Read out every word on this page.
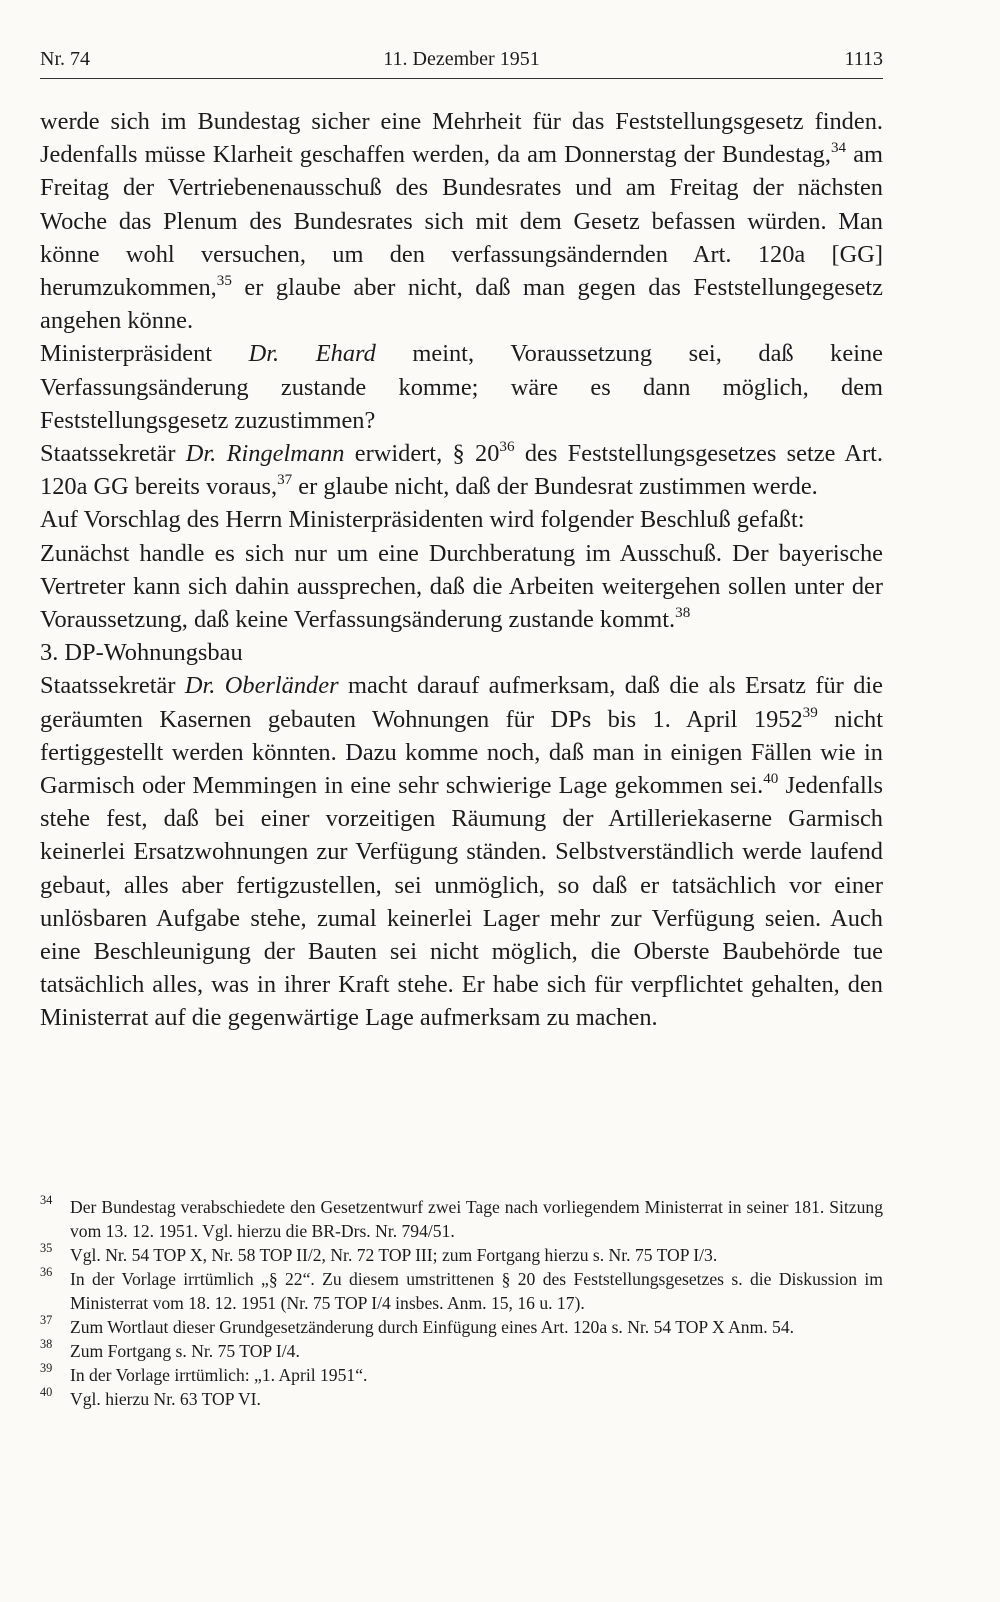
Nr. 74	11. Dezember 1951	1113

werde sich im Bundestag sicher eine Mehrheit für das Feststellungsgesetz finden. Jedenfalls müsse Klarheit geschaffen werden, da am Donnerstag der Bundestag,$^{34}$ am Freitag der Vertriebenenausschuß des Bundesrates und am Freitag der nächsten Woche das Plenum des Bundesrates sich mit dem Gesetz befassen würden. Man könne wohl versuchen, um den verfassungsändernden Art. 120a [GG] herumzukommen,$^{35}$ er glaube aber nicht, daß man gegen das Feststellungegesetz angehen könne.

Ministerpräsident Dr. Ehard meint, Voraussetzung sei, daß keine Verfassungsänderung zustande komme; wäre es dann möglich, dem Feststellungsgesetz zuzustimmen?

Staatssekretär Dr. Ringelmann erwidert, § $20^{36}$ des Feststellungsgesetzes setze Art. 120a GG bereits voraus,$^{37}$ er glaube nicht, daß der Bundesrat zustimmen werde.

Auf Vorschlag des Herrn Ministerpräsidenten wird folgender Beschluß gefaßt:

Zunächst handle es sich nur um eine Durchberatung im Ausschuß. Der bayerische Vertreter kann sich dahin aussprechen, daß die Arbeiten weitergehen sollen unter der Voraussetzung, daß keine Verfassungsänderung zustande kommt.$^{38}$

3. DP-Wohnungsbau

Staatssekretär Dr. Oberländer macht darauf aufmerksam, daß die als Ersatz für die geräumten Kasernen gebauten Wohnungen für DPs bis 1. April 1952$^{39}$ nicht fertiggestellt werden könnten. Dazu komme noch, daß man in einigen Fällen wie in Garmisch oder Memmingen in eine sehr schwierige Lage gekommen sei.$^{40}$ Jedenfalls stehe fest, daß bei einer vorzeitigen Räumung der Artilleriekaserne Garmisch keinerlei Ersatzwohnungen zur Verfügung ständen. Selbstverständlich werde laufend gebaut, alles aber fertigzustellen, sei unmöglich, so daß er tatsächlich vor einer unlösbaren Aufgabe stehe, zumal keinerlei Lager mehr zur Verfügung seien. Auch eine Beschleunigung der Bauten sei nicht möglich, die Oberste Baubehörde tue tatsächlich alles, was in ihrer Kraft stehe. Er habe sich für verpflichtet gehalten, den Ministerrat auf die gegenwärtige Lage aufmerksam zu machen.

34 Der Bundestag verabschiedete den Gesetzentwurf zwei Tage nach vorliegendem Ministerrat in seiner 181. Sitzung vom 13. 12. 1951. Vgl. hierzu die BR-Drs. Nr. 794/51.

35 Vgl. Nr. 54 TOP X, Nr. 58 TOP II/2, Nr. 72 TOP III; zum Fortgang hierzu s. Nr. 75 TOP I/3.

36 In der Vorlage irrtümlich „§ 22“. Zu diesem umstrittenen § 20 des Feststellungsgesetzes s. die Diskussion im Ministerrat vom 18. 12. 1951 (Nr. 75 TOP I/4 insbes. Anm. 15, 16 u. 17).

37 Zum Wortlaut dieser Grundgesetzänderung durch Einfügung eines Art. 120a s. Nr. 54 TOP X Anm. 54.

38 Zum Fortgang s. Nr. 75 TOP I/4.

39 In der Vorlage irrtümlich: „1. April 1951“.

40 Vgl. hierzu Nr. 63 TOP VI.
